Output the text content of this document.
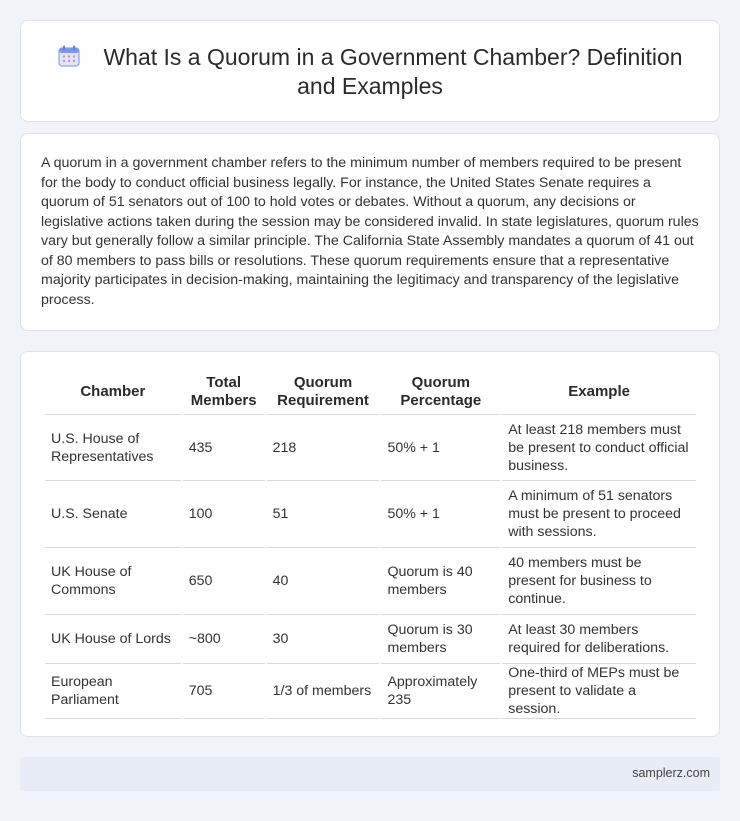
What Is a Quorum in a Government Chamber? Definition and Examples

A quorum in a government chamber refers to the minimum number of members required to be present for the body to conduct official business legally. For instance, the United States Senate requires a quorum of 51 senators out of 100 to hold votes or debates. Without a quorum, any decisions or legislative actions taken during the session may be considered invalid. In state legislatures, quorum rules vary but generally follow a similar principle. The California State Assembly mandates a quorum of 41 out of 80 members to pass bills or resolutions. These quorum requirements ensure that a representative majority participates in decision-making, maintaining the legitimacy and transparency of the legislative process.

Chamber	Total Members	Quorum Requirement	Quorum Percentage	Example
U.S. House of Representatives	435	218	50% + 1	At least 218 members must be present to conduct official business.
U.S. Senate	100	51	50% + 1	A minimum of 51 senators must be present to proceed with sessions.
UK House of Commons	650	40	Quorum is 40 members	40 members must be present for business to continue.
UK House of Lords	~800	30	Quorum is 30 members	At least 30 members required for deliberations.
European Parliament	705	1/3 of members	Approximately 235	One-third of MEPs must be present to validate a session.
samplerz.com
